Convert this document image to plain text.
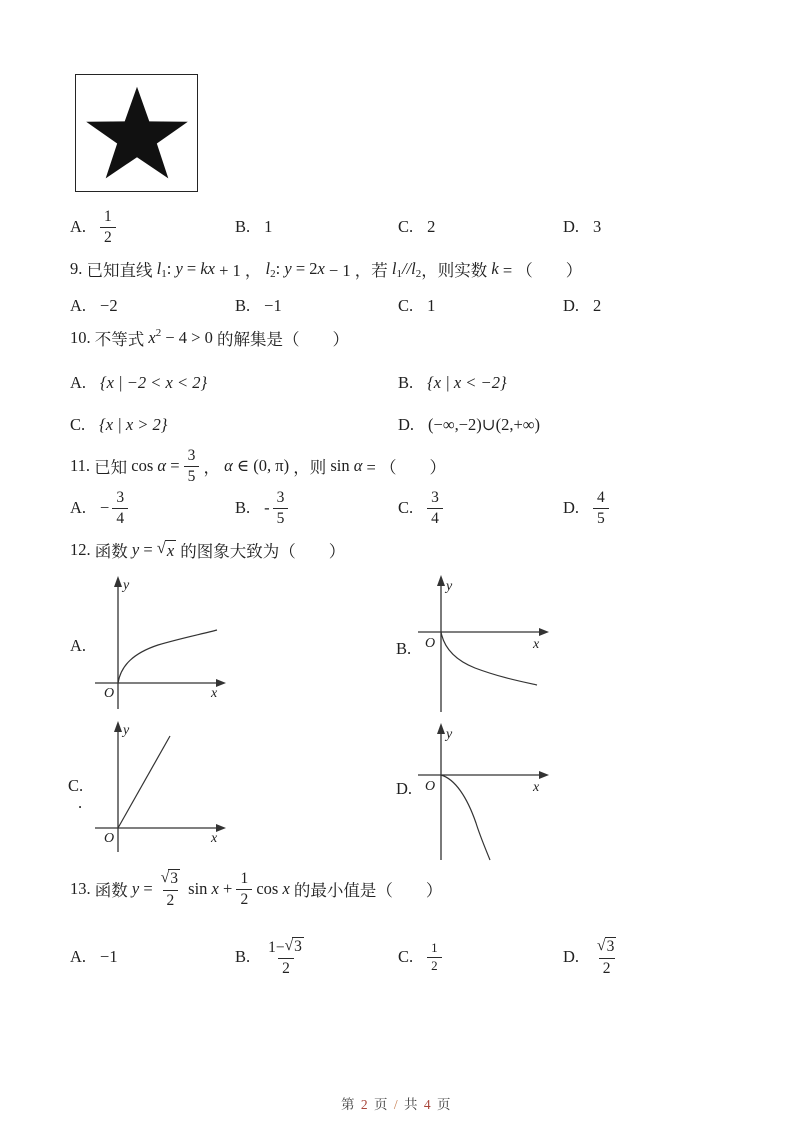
A. $\frac{1}{2}$	B. 1	C. 2	D. 3
9. 已知直线 $l_1$ : y = kx + 1 ， $l_2$ : y = 2 x − 1 ，若 $l_1 // l_2$ ，则实数 k = （　　）
A. −2	B. −1	C. 1	D. 2
10. 不等式 $x^2 - 4 > 0$ 的解集是（　　）
A. {x | −2 < x < 2}	B. {x | x < −2}
C. {x | x > 2}	D. (−∞,−2)∪(2,+∞)
11. 已知 $\cos \alpha = \frac{3}{5}$ ， α ∈ (0, π) ，则 sin α = （　　）
A. − $\frac{3}{4}$	B. - $\frac{3}{5}$	C. $\frac{3}{4}$	D. $\frac{4}{5}$
12. 函数 y = √ x 的图象大致为（　　）
A.
y
x
O
B.
y
x
O
C.
.
y
x
O
D.
y
x
O
13. 函数 $y = \frac{√ 3}{2}$ $\sin x + \frac{1}{2}$ cos x 的最小值是（　　）
A. −1	B. $\frac{1- √ 3}{2}$	C. $\frac{1}{2}$	D. $\frac{√ 3}{2}$
第 2 页 / 共 4 页
